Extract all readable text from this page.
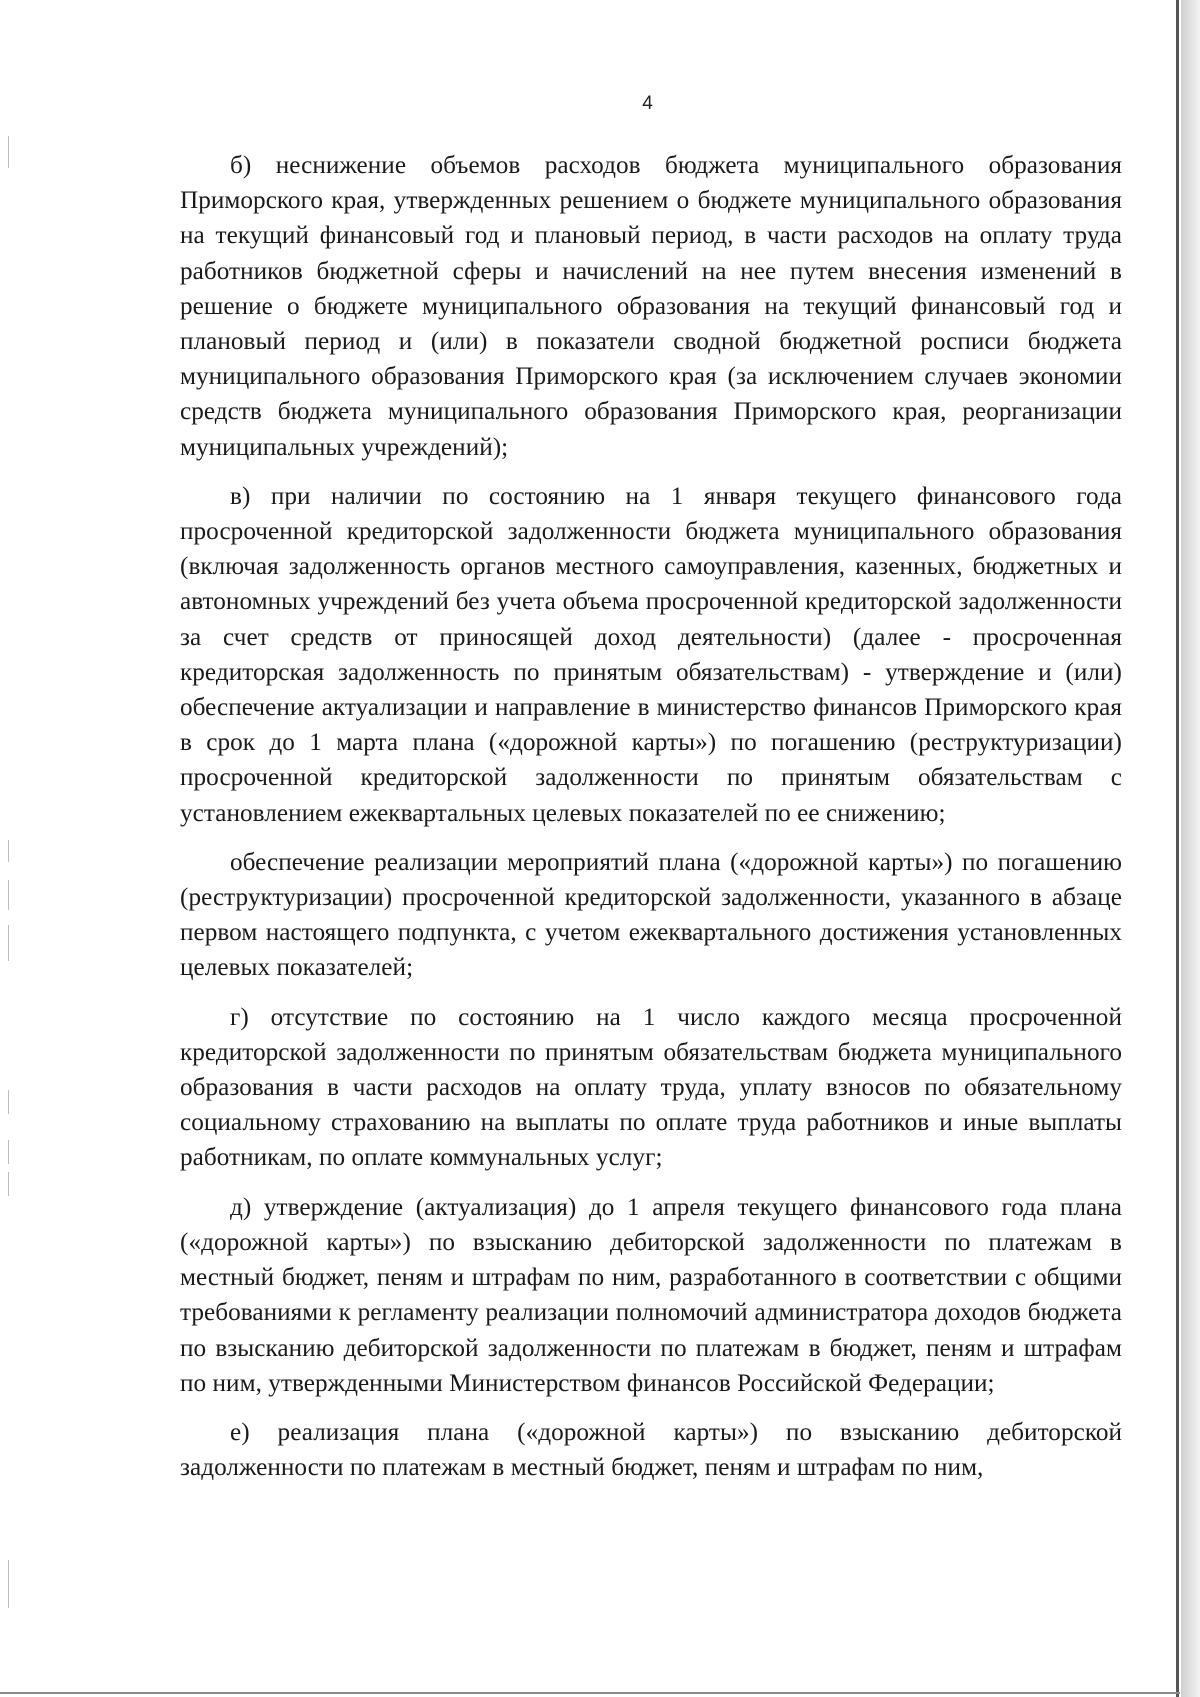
4

б) неснижение объемов расходов бюджета муниципального образования Приморского края, утвержденных решением о бюджете муниципального образования на текущий финансовый год и плановый период, в части расходов на оплату труда работников бюджетной сферы и начислений на нее путем внесения изменений в решение о бюджете муниципального образования на текущий финансовый год и плановый период и (или) в показатели сводной бюджетной росписи бюджета муниципального образования Приморского края (за исключением случаев экономии средств бюджета муниципального образования Приморского края, реорганизации муниципальных учреждений);

в) при наличии по состоянию на 1 января текущего финансового года просроченной кредиторской задолженности бюджета муниципального образования (включая задолженность органов местного самоуправления, казенных, бюджетных и автономных учреждений без учета объема просроченной кредиторской задолженности за счет средств от приносящей доход деятельности) (далее - просроченная кредиторская задолженность по принятым обязательствам) - утверждение и (или) обеспечение актуализации и направление в министерство финансов Приморского края в срок до 1 марта плана («дорожной карты») по погашению (реструктуризации) просроченной кредиторской задолженности по принятым обязательствам с установлением ежеквартальных целевых показателей по ее снижению;

обеспечение реализации мероприятий плана («дорожной карты») по погашению (реструктуризации) просроченной кредиторской задолженности, указанного в абзаце первом настоящего подпункта, с учетом ежеквартального достижения установленных целевых показателей;

г) отсутствие по состоянию на 1 число каждого месяца просроченной кредиторской задолженности по принятым обязательствам бюджета муниципального образования в части расходов на оплату труда, уплату взносов по обязательному социальному страхованию на выплаты по оплате труда работников и иные выплаты работникам, по оплате коммунальных услуг;

д) утверждение (актуализация) до 1 апреля текущего финансового года плана («дорожной карты») по взысканию дебиторской задолженности по платежам в местный бюджет, пеням и штрафам по ним, разработанного в соответствии с общими требованиями к регламенту реализации полномочий администратора доходов бюджета по взысканию дебиторской задолженности по платежам в бюджет, пеням и штрафам по ним, утвержденными Министерством финансов Российской Федерации;

е) реализация плана («дорожной карты») по взысканию дебиторской задолженности по платежам в местный бюджет, пеням и штрафам по ним,
